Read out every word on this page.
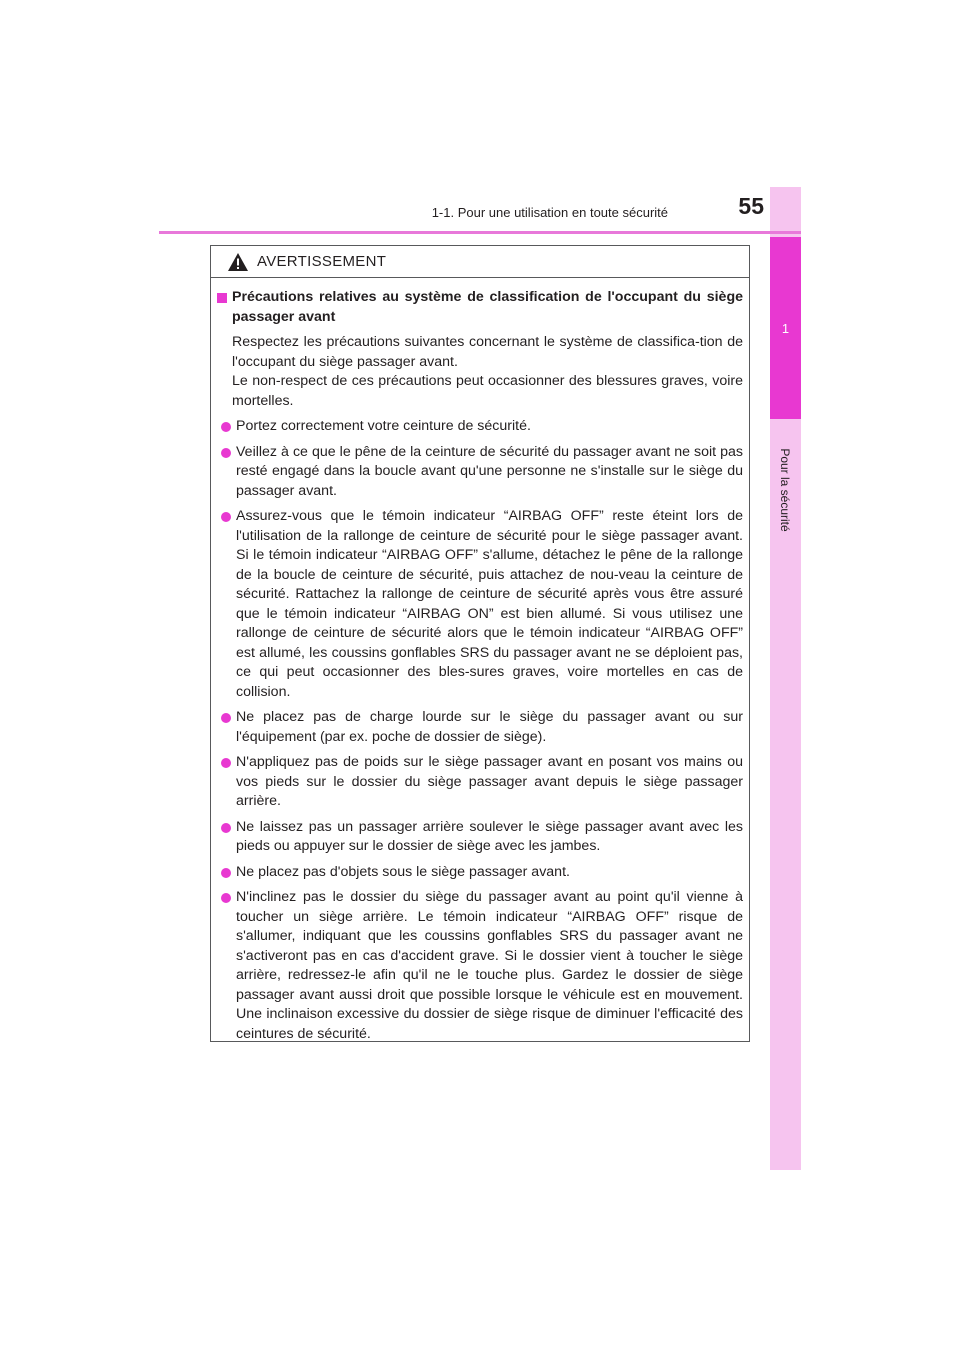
1
Pour la sécurité
1-1. Pour une utilisation en toute sécurité	55
AVERTISSEMENT
Précautions relatives au système de classification de l'occupant du siège passager avant

Respectez les précautions suivantes concernant le système de classifica-tion de l'occupant du siège passager avant.

Le non-respect de ces précautions peut occasionner des blessures graves, voire mortelles.

Portez correctement votre ceinture de sécurité.
Veillez à ce que le pêne de la ceinture de sécurité du passager avant ne soit pas resté engagé dans la boucle avant qu'une personne ne s'installe sur le siège du passager avant.
Assurez-vous que le témoin indicateur “AIRBAG OFF” reste éteint lors de l'utilisation de la rallonge de ceinture de sécurité pour le siège passager avant. Si le témoin indicateur “AIRBAG OFF” s'allume, détachez le pêne de la rallonge de la boucle de ceinture de sécurité, puis attachez de nou-veau la ceinture de sécurité. Rattachez la rallonge de ceinture de sécurité après vous être assuré que le témoin indicateur “AIRBAG ON” est bien allumé. Si vous utilisez une rallonge de ceinture de sécurité alors que le témoin indicateur “AIRBAG OFF” est allumé, les coussins gonflables SRS du passager avant ne se déploient pas, ce qui peut occasionner des bles-sures graves, voire mortelles en cas de collision.
Ne placez pas de charge lourde sur le siège du passager avant ou sur l'équipement (par ex. poche de dossier de siège).
N'appliquez pas de poids sur le siège passager avant en posant vos mains ou vos pieds sur le dossier du siège passager avant depuis le siège passager arrière.
Ne laissez pas un passager arrière soulever le siège passager avant avec les pieds ou appuyer sur le dossier de siège avec les jambes.
Ne placez pas d'objets sous le siège passager avant.
N'inclinez pas le dossier du siège du passager avant au point qu'il vienne à toucher un siège arrière. Le témoin indicateur “AIRBAG OFF” risque de s'allumer, indiquant que les coussins gonflables SRS du passager avant ne s'activeront pas en cas d'accident grave. Si le dossier vient à toucher le siège arrière, redressez-le afin qu'il ne le touche plus. Gardez le dossier de siège passager avant aussi droit que possible lorsque le véhicule est en mouvement. Une inclinaison excessive du dossier de siège risque de diminuer l'efficacité des ceintures de sécurité.
